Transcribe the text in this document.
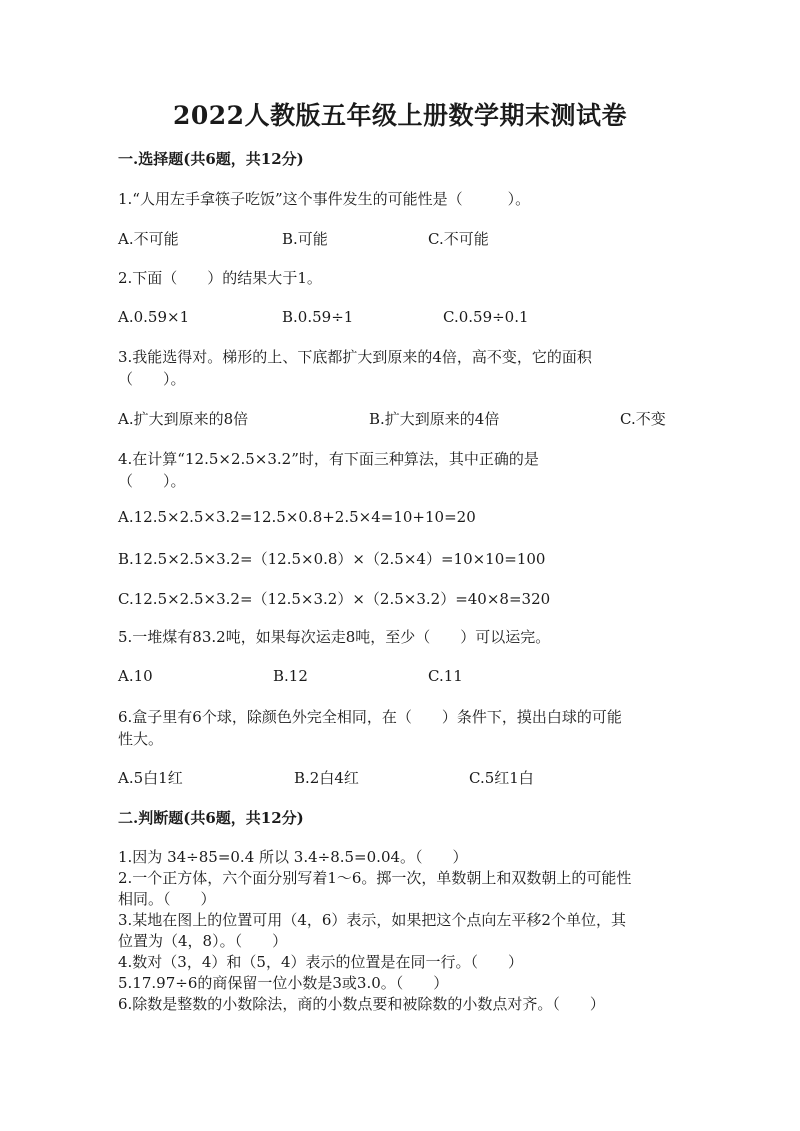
2022人教版五年级上册数学期末测试卷
一.选择题(共6题，共12分)
1.“人用左手拿筷子吃饭”这个事件发生的可能性是（　　　）。
A.不可能	B.可能	C.不可能
2.下面（　　）的结果大于1。
A.0.59×1	B.0.59÷1	C.0.59÷0.1
3.我能选得对。梯形的上、下底都扩大到原来的4倍，高不变，它的面积
（　　）。
A.扩大到原来的8倍	B.扩大到原来的4倍	C.不变
4.在计算“12.5×2.5×3.2”时，有下面三种算法，其中正确的是
（　　）。
A.12.5×2.5×3.2=12.5×0.8+2.5×4=10+10=20
B.12.5×2.5×3.2=（12.5×0.8）×（2.5×4）=10×10=100
C.12.5×2.5×3.2=（12.5×3.2）×（2.5×3.2）=40×8=320
5.一堆煤有83.2吨，如果每次运走8吨，至少（　　）可以运完。
A.10	B.12	C.11
6.盒子里有6个球，除颜色外完全相同，在（　　）条件下，摸出白球的可能
性大。
A.5白1红	B.2白4红	C.5红1白
二.判断题(共6题，共12分)
1.因为 34÷85=0.4 所以 3.4÷8.5=0.04。（　　）
2.一个正方体，六个面分别写着1～6。掷一次，单数朝上和双数朝上的可能性
相同。（　　）
3.某地在图上的位置可用（4，6）表示，如果把这个点向左平移2个单位，其
位置为（4，8）。（　　）
4.数对（3，4）和（5，4）表示的位置是在同一行。（　　）
5.17.97÷6的商保留一位小数是3或3.0。（　　）
6.除数是整数的小数除法，商的小数点要和被除数的小数点对齐。（　　）
